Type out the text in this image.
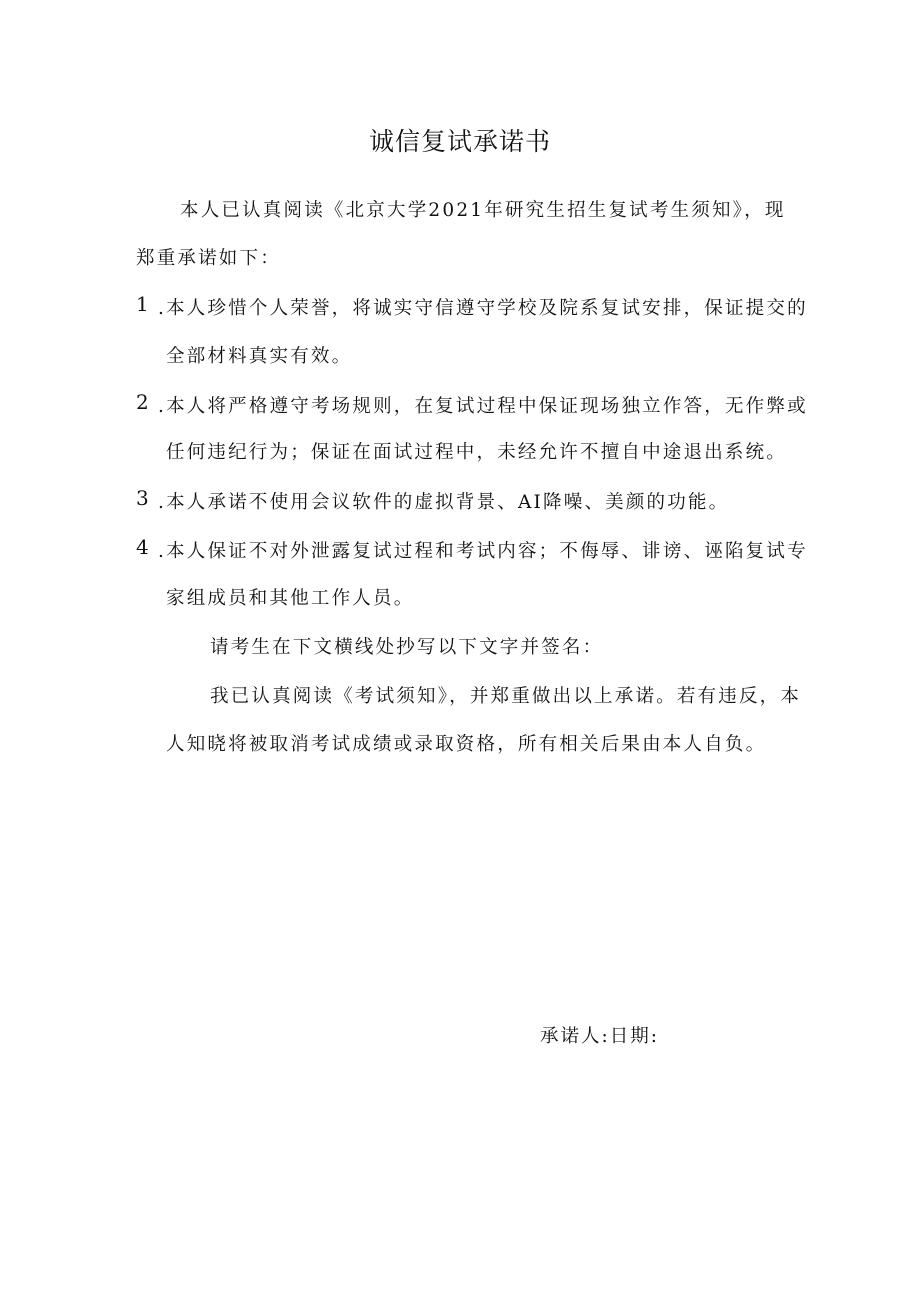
诚信复试承诺书

本人已认真阅读《北京大学2021年研究生招生复试考生须知》，现

郑重承诺如下：

1 .本人珍惜个人荣誉，将诚实守信遵守学校及院系复试安排，保证提交的
全部材料真实有效。
2 .本人将严格遵守考场规则，在复试过程中保证现场独立作答，无作弊或
任何违纪行为；保证在面试过程中，未经允许不擅自中途退出系统。
3 .本人承诺不使用会议软件的虚拟背景、AI降噪、美颜的功能。
4 .本人保证不对外泄露复试过程和考试内容；不侮辱、诽谤、诬陷复试专
家组成员和其他工作人员。

请考生在下文横线处抄写以下文字并签名：

我已认真阅读《考试须知》，并郑重做出以上承诺。若有违反，本

人知晓将被取消考试成绩或录取资格，所有相关后果由本人自负。

承诺人:日期:
